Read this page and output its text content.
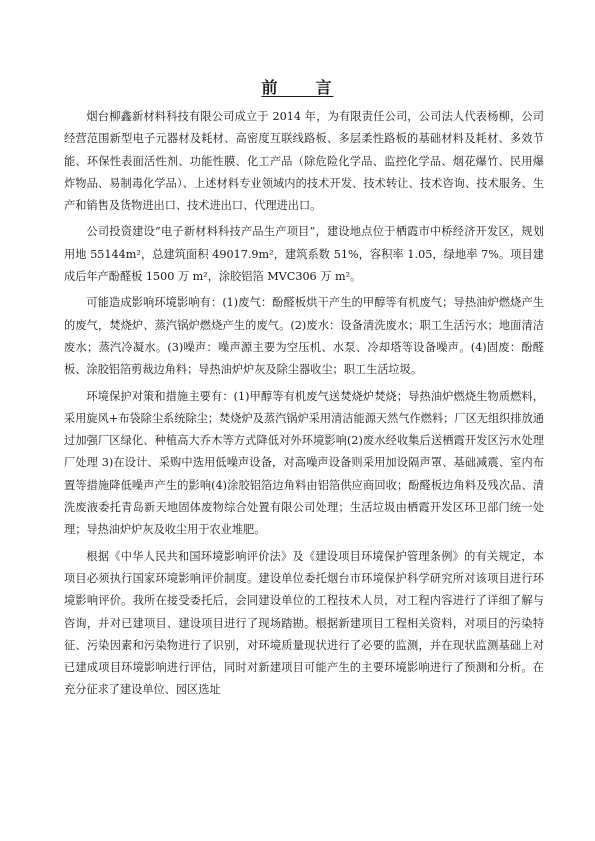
前　　言

烟台柳鑫新材料科技有限公司成立于 2014 年，为有限责任公司，公司法人代表杨柳，公司经营范围新型电子元器材及耗材、高密度互联线路板、多层柔性路板的基础材料及耗材、多效节能、环保性表面活性剂、功能性膜、化工产品（除危险化学品、监控化学品、烟花爆竹、民用爆炸物品、易制毒化学品）、上述材料专业领域内的技术开发、技术转让、技术咨询、技术服务、生产和销售及货物进出口、技术进出口、代理进出口。

公司投资建设“电子新材料科技产品生产项目”，建设地点位于栖霞市中桥经济开发区，规划用地 55144m²，总建筑面积 49017.9m²，建筑系数 51%，容积率 1.05，绿地率 7%。项目建成后年产酚醛板 1500 万 m²，涂胶铝箔 MVC306 万 m²。

可能造成影响环境影响有：(1)废气：酚醛板烘干产生的甲醇等有机废气；导热油炉燃烧产生的废气，焚烧炉、蒸汽锅炉燃烧产生的废气。(2)废水：设备清洗废水；职工生活污水；地面清洁废水；蒸汽冷凝水。(3)噪声：噪声源主要为空压机、水泵、冷却塔等设备噪声。(4)固废：酚醛板、涂胶铝箔剪裁边角料；导热油炉炉灰及除尘器收尘；职工生活垃圾。

环境保护对策和措施主要有：(1)甲醇等有机废气送焚烧炉焚烧；导热油炉燃烧生物质燃料，采用旋风+布袋除尘系统除尘；焚烧炉及蒸汽锅炉采用清洁能源天然气作燃料；厂区无组织排放通过加强厂区绿化、种植高大乔木等方式降低对外环境影响(2)废水经收集后送栖霞开发区污水处理厂处理 3)在设计、采购中选用低噪声设备，对高噪声设备则采用加设隔声罩、基础减震、室内布置等措施降低噪声产生的影响(4)涂胶铝箔边角料由铝箔供应商回收；酚醛板边角料及残次品、清洗废液委托青岛新天地固体废物综合处置有限公司处理；生活垃圾由栖霞开发区环卫部门统一处理；导热油炉炉灰及收尘用于农业堆肥。

根据《中华人民共和国环境影响评价法》及《建设项目环境保护管理条例》的有关规定，本项目必须执行国家环境影响评价制度。建设单位委托烟台市环境保护科学研究所对该项目进行环境影响评价。我所在接受委托后，会同建设单位的工程技术人员，对工程内容进行了详细了解与咨询，并对已建项目、建设项目进行了现场踏勘。根据新建项目工程相关资料，对项目的污染特征、污染因素和污染物进行了识别，对环境质量现状进行了必要的监测，并在现状监测基础上对已建成项目环境影响进行评估，同时对新建项目可能产生的主要环境影响进行了预测和分析。在充分征求了建设单位、园区选址
